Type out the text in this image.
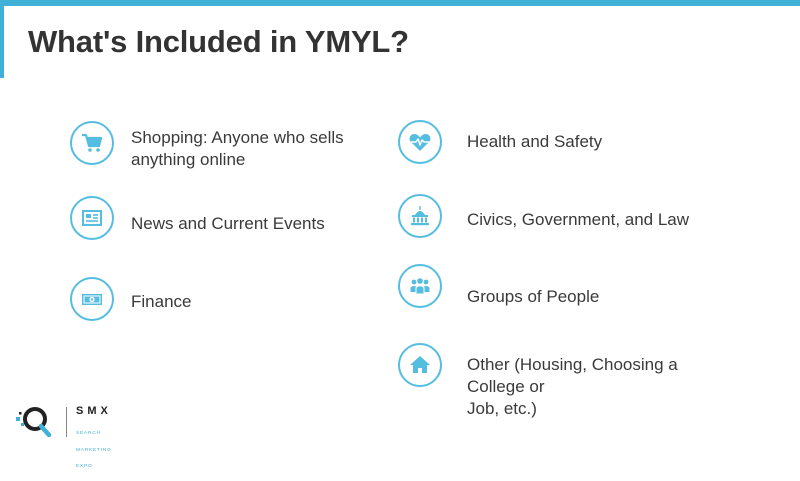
What's Included in YMYL?
Shopping: Anyone who sells
anything online
News and Current Events
Finance
Health and Safety
Civics, Government, and Law
Groups of People
Other (Housing, Choosing a
College or
Job, etc.)
SMX

SEARCH

MARKETING

EXPO
